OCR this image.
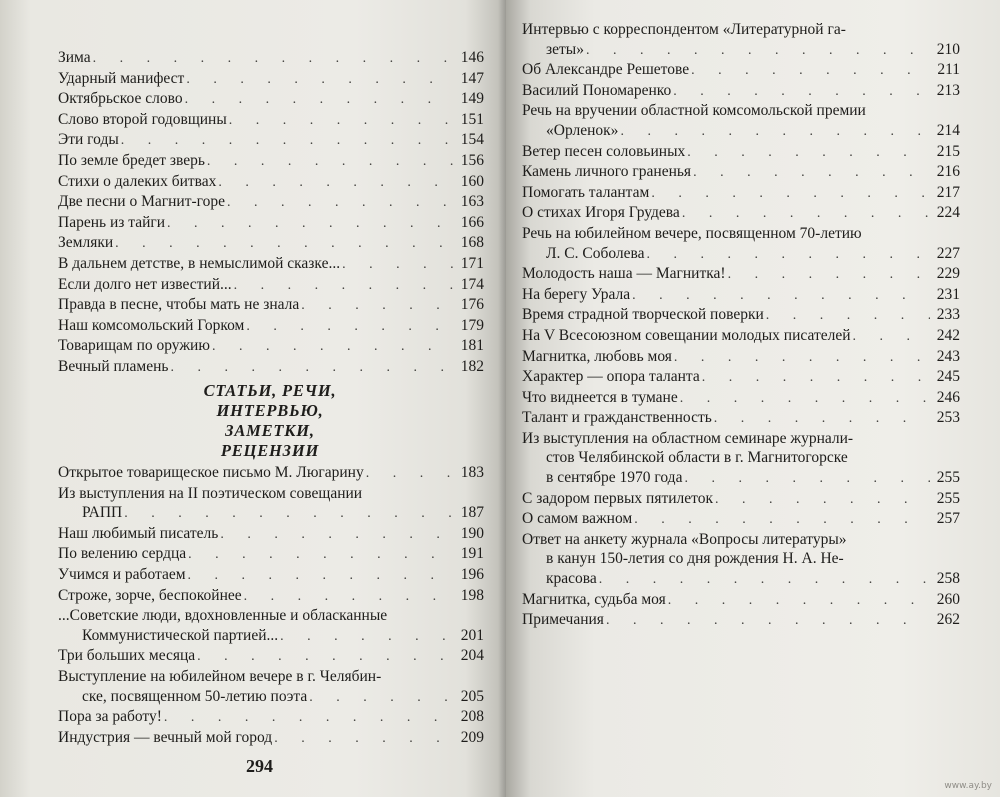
Зима . . .	146
Ударный манифест . . .	147
Октябрьское слово . . .	149
Слово второй годовщины . . .	151
Эти годы . . .	154
По земле бредет зверь . . .	156
Стихи о далеких битвах . . .	160
Две песни о Магнит-горе . . .	163
Парень из тайги . . .	166
Земляки . . .	168
В дальнем детстве, в немыслимой сказке... . . .	171
Если долго нет известий... . . .	174
Правда в песне, чтобы мать не знала . . .	176
Наш комсомольский Горком . . .	179
Товарищам по оружию . . .	181
Вечный пламень . . .	182
СТАТЬИ, РЕЧИ,
ИНТЕРВЬЮ,
ЗАМЕТКИ,
РЕЦЕНЗИИ
Открытое товарищеское письмо М. Люгарину . . .	183
Из выступления на II поэтическом совещании
РАПП . . .	187
Наш любимый писатель . . .	190
По велению сердца . . .	191
Учимся и работаем . . .	196
Строже, зорче, беспокойнее . . .	198
...Советские люди, вдохновленные и обласканные
Коммунистической партией... . . .	201
Три больших месяца . . .	204
Выступление на юбилейном вечере в г. Челябин-
ске, посвященном 50-летию поэта . . .	205
Пора за работу! . . .	208
Индустрия — вечный мой город . . .	209
294
Интервью с корреспондентом «Литературной га-
зеты» . . .	210
Об Александре Решетове . . .	211
Василий Пономаренко . . .	213
Речь на вручении областной комсомольской премии
«Орленок» . . .	214
Ветер песен соловьиных . . .	215
Камень личного граненья . . .	216
Помогать талантам . . .	217
О стихах Игоря Грудева . . .	224
Речь на юбилейном вечере, посвященном 70-летию
Л. С. Соболева . . .	227
Молодость наша — Магнитка! . . .	229
На берегу Урала . . .	231
Время страдной творческой поверки . . .	233
На V Всесоюзном совещании молодых писателей . . .	242
Магнитка, любовь моя . . .	243
Характер — опора таланта . . .	245
Что виднеется в тумане . . .	246
Талант и гражданственность . . .	253
Из выступления на областном семинаре журнали-
стов Челябинской области в г. Магнитогорске
в сентябре 1970 года . . .	255
С задором первых пятилеток . . .	255
О самом важном . . .	257
Ответ на анкету журнала «Вопросы литературы»
в канун 150-летия со дня рождения Н. А. Не-
красова . . .	258
Магнитка, судьба моя . . .	260
Примечания . . .	262
www.ay.by
